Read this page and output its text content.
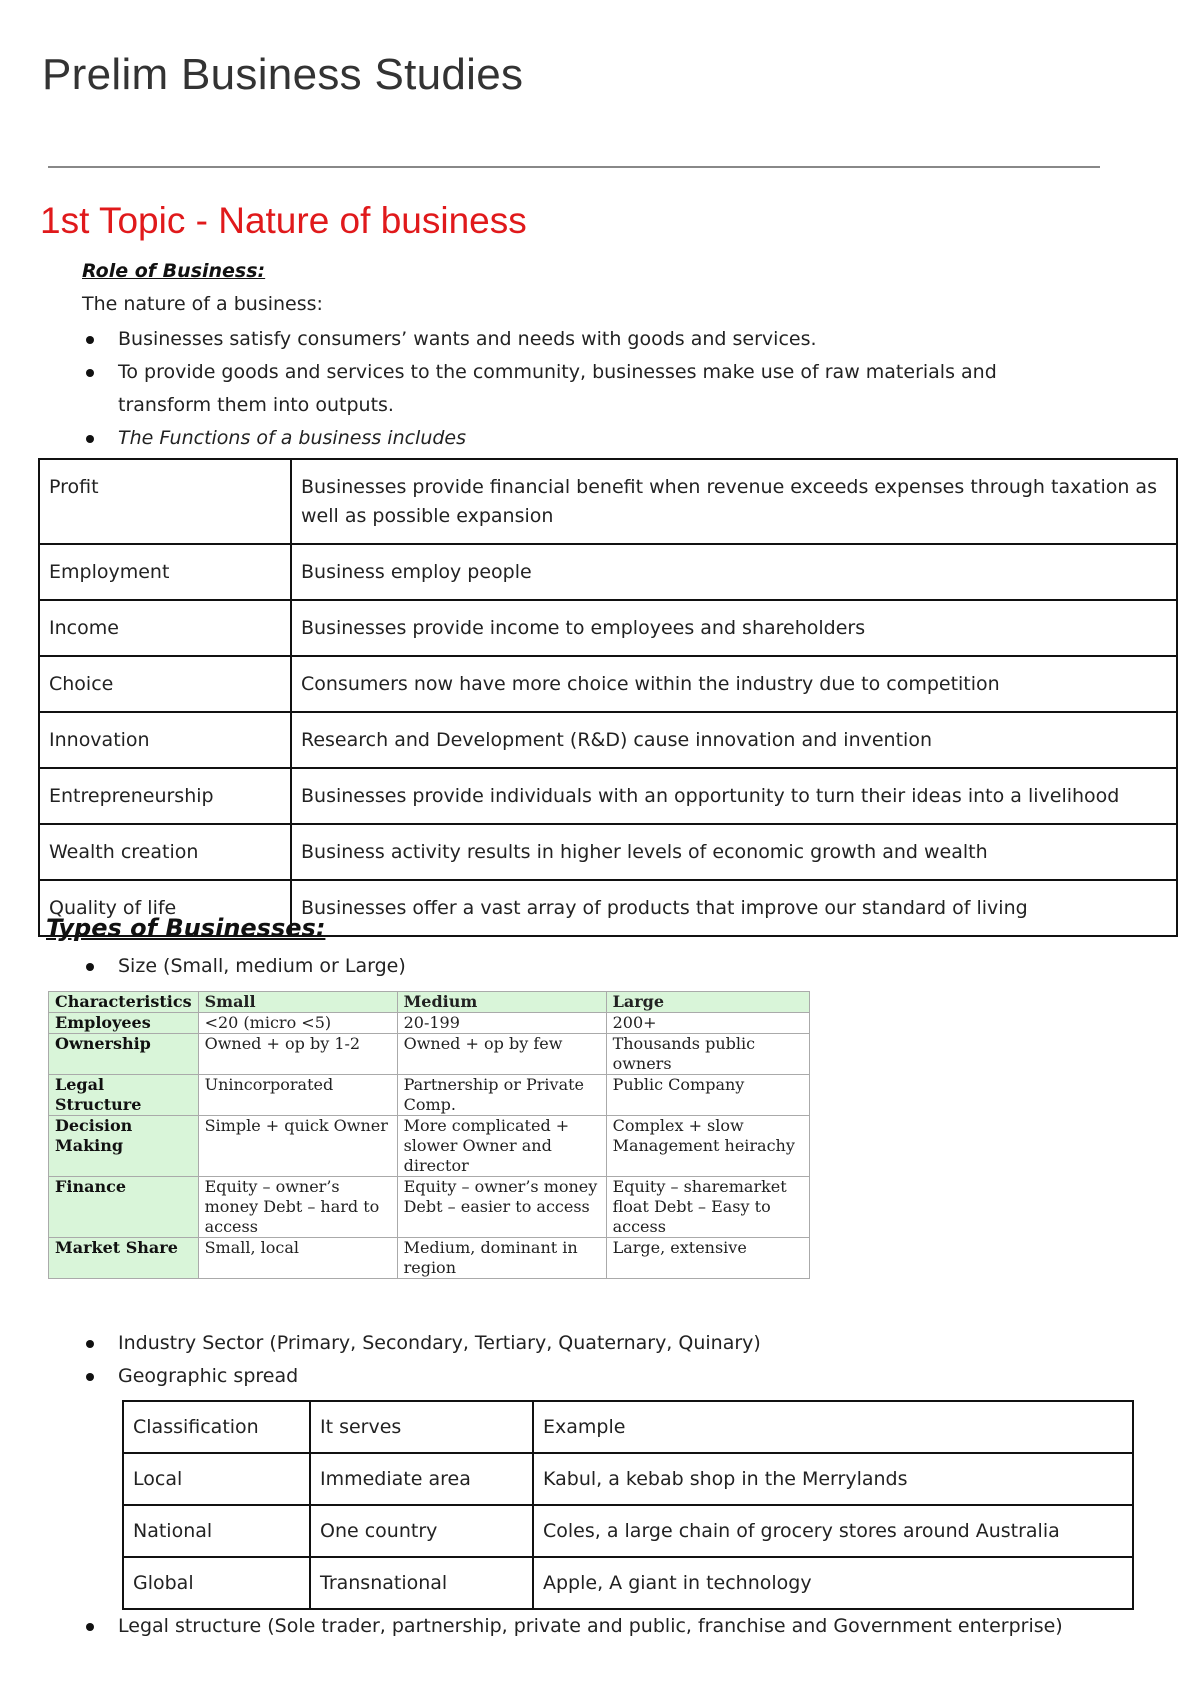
Prelim Business Studies
1st Topic - Nature of business
Role of Business:
The nature of a business:
Businesses satisfy consumers’ wants and needs with goods and services.
To provide goods and services to the community, businesses make use of raw materials and transform them into outputs.
The Functions of a business includes
Profit	Businesses provide financial benefit when revenue exceeds expenses through taxation as well as possible expansion
Employment	Business employ people
Income	Businesses provide income to employees and shareholders
Choice	Consumers now have more choice within the industry due to competition
Innovation	Research and Development (R&D) cause innovation and invention
Entrepreneurship	Businesses provide individuals with an opportunity to turn their ideas into a livelihood
Wealth creation	Business activity results in higher levels of economic growth and wealth
Quality of life	Businesses offer a vast array of products that improve our standard of living
Types of Businesses:
Size (Small, medium or Large)
Characteristics	Small	Medium	Large
Employees	<20 (micro <5)	20-199	200+
Ownership	Owned + op by 1-2	Owned + op by few	Thousands public owners
Legal Structure	Unincorporated	Partnership or Private Comp.	Public Company
Decision Making	Simple + quick Owner	More complicated + slower Owner and director	Complex + slow Management heirachy
Finance	Equity – owner’s money Debt – hard to access	Equity – owner’s money Debt – easier to access	Equity – sharemarket float Debt – Easy to access
Market Share	Small, local	Medium, dominant in region	Large, extensive
Industry Sector (Primary, Secondary, Tertiary, Quaternary, Quinary)
Geographic spread
Classification	It serves	Example
Local	Immediate area	Kabul, a kebab shop in the Merrylands
National	One country	Coles, a large chain of grocery stores around Australia
Global	Transnational	Apple, A giant in technology
Legal structure (Sole trader, partnership, private and public, franchise and Government enterprise)
